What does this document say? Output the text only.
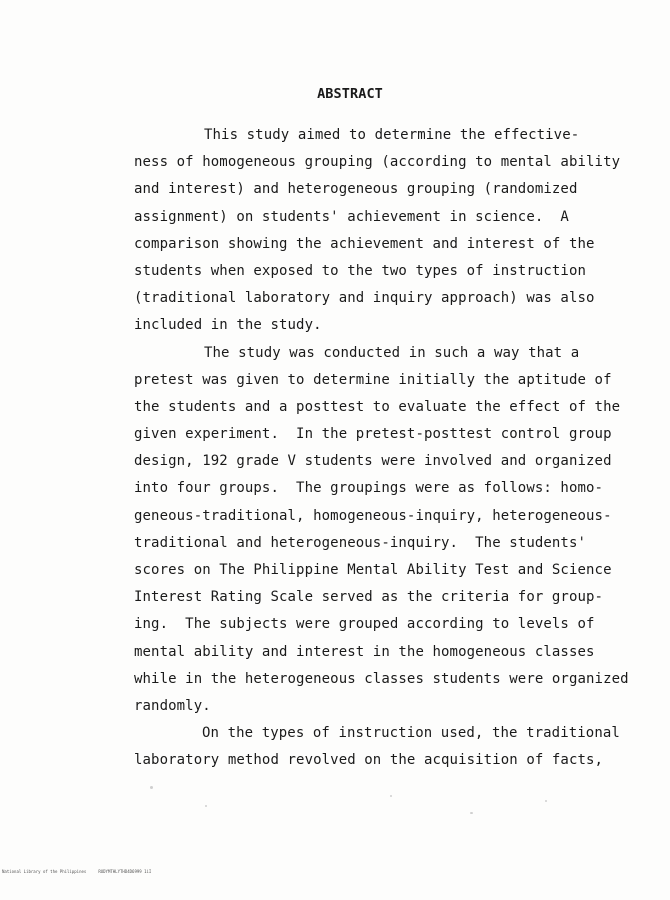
ABSTRACT
This study aimed to determine the effective-
ness of homogeneous grouping (according to mental ability
and interest) and heterogeneous grouping (randomized
assignment) on students' achievement in science.  A
comparison showing the achievement and interest of the
students when exposed to the two types of instruction
(traditional laboratory and inquiry approach) was also
included in the study.
The study was conducted in such a way that a
pretest was given to determine initially the aptitude of
the students and a posttest to evaluate the effect of the
given experiment.  In the pretest-posttest control group
design, 192 grade V students were involved and organized
into four groups.  The groupings were as follows: homo-
geneous-traditional, homogeneous-inquiry, heterogeneous-
traditional and heterogeneous-inquiry.  The students'
scores on The Philippine Mental Ability Test and Science
Interest Rating Scale served as the criteria for group-
ing.  The subjects were grouped according to levels of
mental ability and interest in the homogeneous classes
while in the heterogeneous classes students were organized
randomly.
On the types of instruction used, the traditional
laboratory method revolved on the acquisition of facts,
National Library of the Philippines     RUDYMTHLYTHD4D6999 1iI
